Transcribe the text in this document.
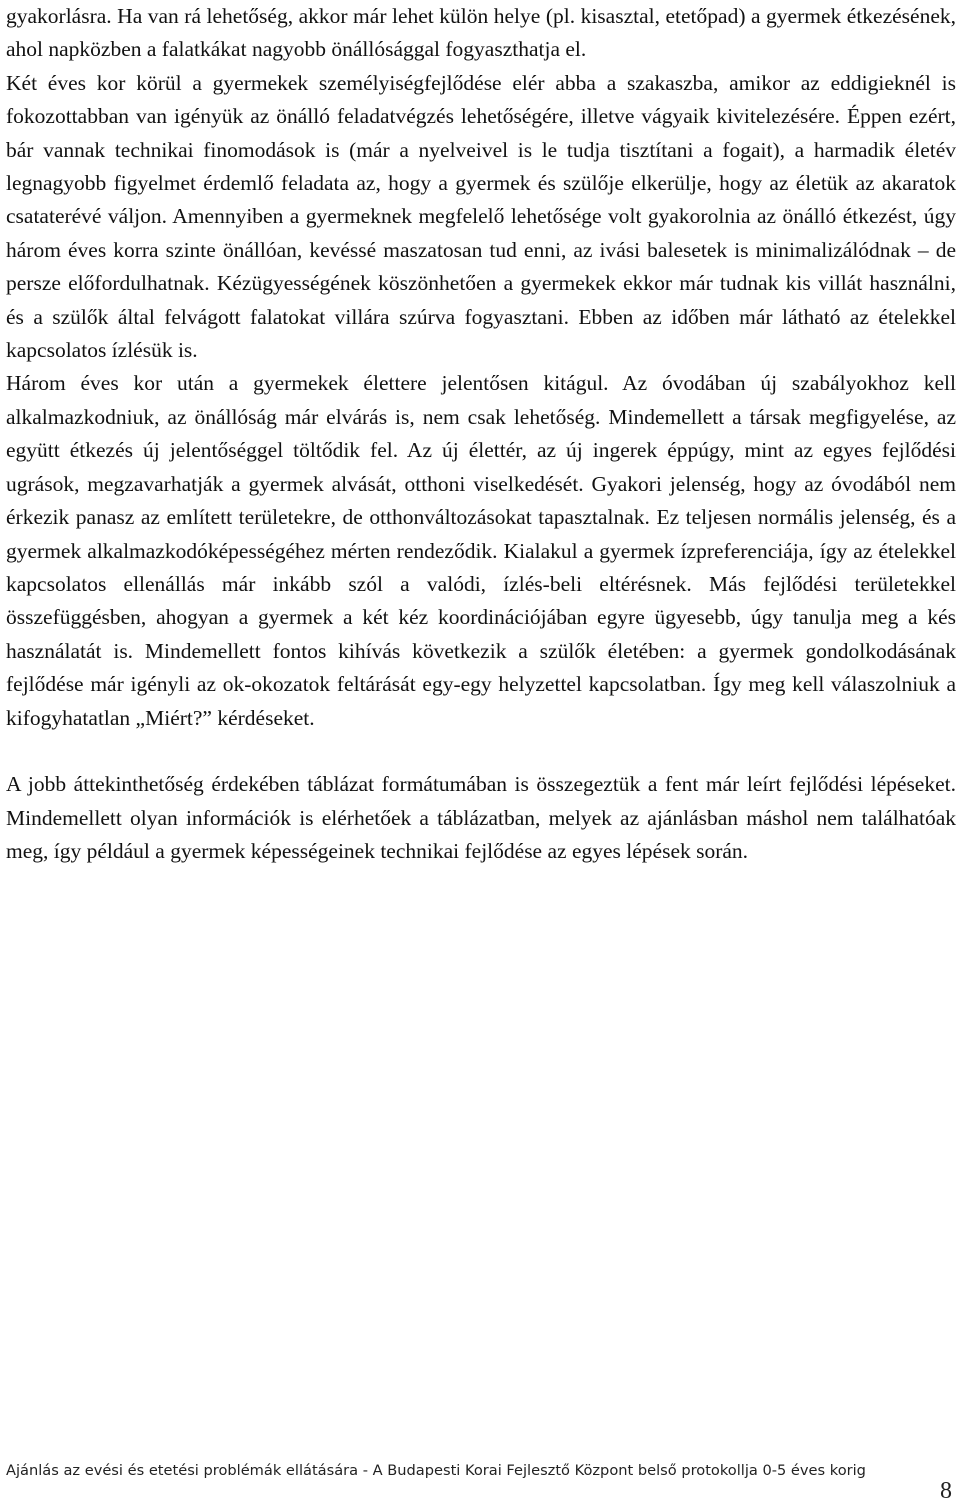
gyakorlásra. Ha van rá lehetőség, akkor már lehet külön helye (pl. kisasztal, etetőpad) a gyermek étkezésének, ahol napközben a falatkákat nagyobb önállósággal fogyaszthatja el.

Két éves kor körül a gyermekek személyiségfejlődése elér abba a szakaszba, amikor az eddigieknél is fokozottabban van igényük az önálló feladatvégzés lehetőségére, illetve vágyaik kivitelezésére. Éppen ezért, bár vannak technikai finomodások is (már a nyelveivel is le tudja tisztítani a fogait), a harmadik életév legnagyobb figyelmet érdemlő feladata az, hogy a gyermek és szülője elkerülje, hogy az életük az akaratok csataterévé váljon. Amennyiben a gyermeknek megfelelő lehetősége volt gyakorolnia az önálló étkezést, úgy három éves korra szinte önállóan, kevéssé maszatosan tud enni, az ivási balesetek is minimalizálódnak – de persze előfordulhatnak. Kézügyességének köszönhetően a gyermekek ekkor már tudnak kis villát használni, és a szülők által felvágott falatokat villára szúrva fogyasztani. Ebben az időben már látható az ételekkel kapcsolatos ízlésük is.

Három éves kor után a gyermekek élettere jelentősen kitágul. Az óvodában új szabályokhoz kell alkalmazkodniuk, az önállóság már elvárás is, nem csak lehetőség. Mindemellett a társak megfigyelése, az együtt étkezés új jelentőséggel töltődik fel. Az új élettér, az új ingerek éppúgy, mint az egyes fejlődési ugrások, megzavarhatják a gyermek alvását, otthoni viselkedését. Gyakori jelenség, hogy az óvodából nem érkezik panasz az említett területekre, de otthonváltozásokat tapasztalnak. Ez teljesen normális jelenség, és a gyermek alkalmazkodóképességéhez mérten rendeződik. Kialakul a gyermek ízpreferenciája, így az ételekkel kapcsolatos ellenállás már inkább szól a valódi, ízlés-beli eltérésnek. Más fejlődési területekkel összefüggésben, ahogyan a gyermek a két kéz koordinációjában egyre ügyesebb, úgy tanulja meg a kés használatát is. Mindemellett fontos kihívás következik a szülők életében: a gyermek gondolkodásának fejlődése már igényli az ok-okozatok feltárását egy-egy helyzettel kapcsolatban. Így meg kell válaszolniuk a kifogyhatatlan „Miért?” kérdéseket.

A jobb áttekinthetőség érdekében táblázat formátumában is összegeztük a fent már leírt fejlődési lépéseket. Mindemellett olyan információk is elérhetőek a táblázatban, melyek az ajánlásban máshol nem találhatóak meg, így például a gyermek képességeinek technikai fejlődése az egyes lépések során.

Ajánlás az evési és etetési problémák ellátására - A Budapesti Korai Fejlesztő Központ belső protokollja 0-5 éves korig
8
